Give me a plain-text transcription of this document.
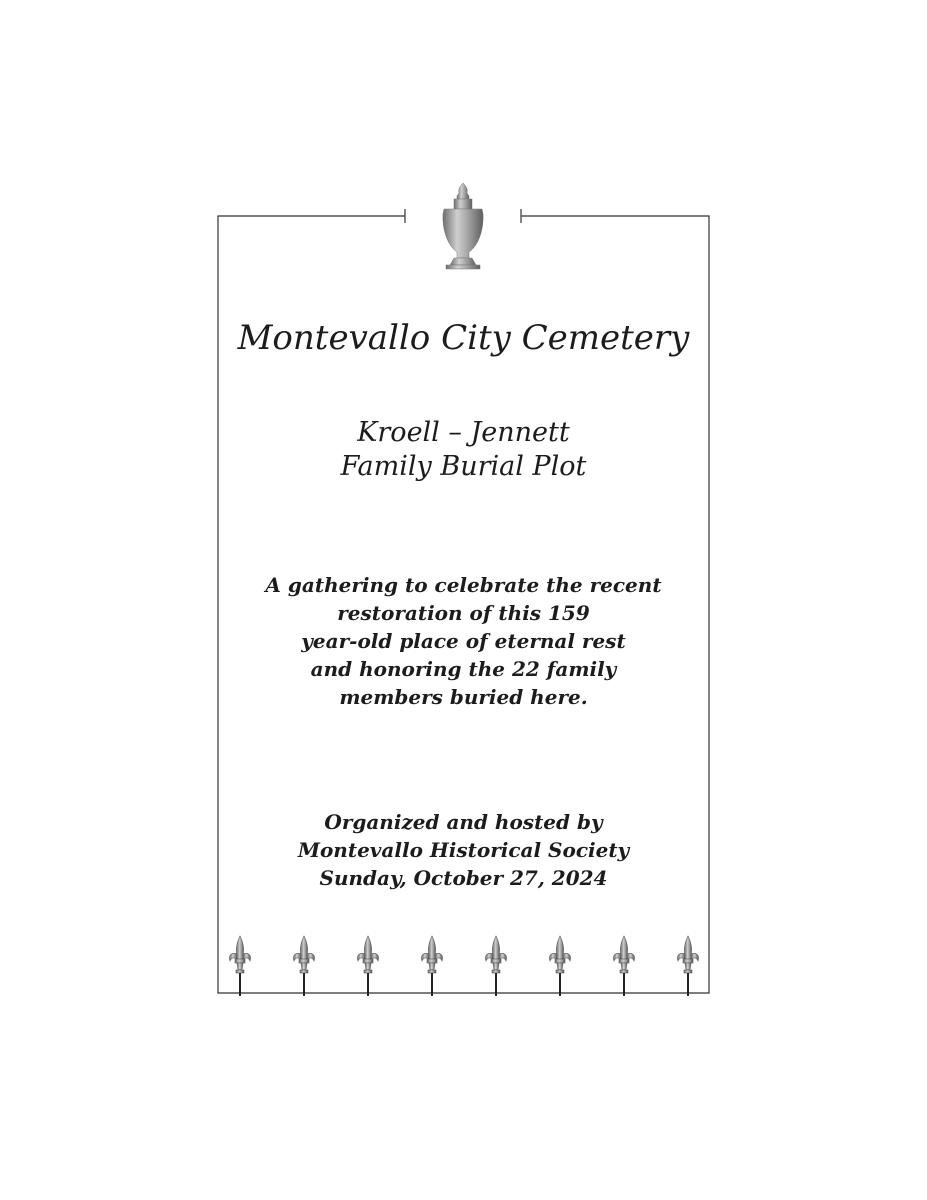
Montevallo City Cemetery
Kroell – Jennett
Family Burial Plot

A gathering to celebrate the recent
restoration of this 159
year-old place of eternal rest
and honoring the 22 family
members buried here.

Organized and hosted by
Montevallo Historical Society
Sunday, October 27, 2024
